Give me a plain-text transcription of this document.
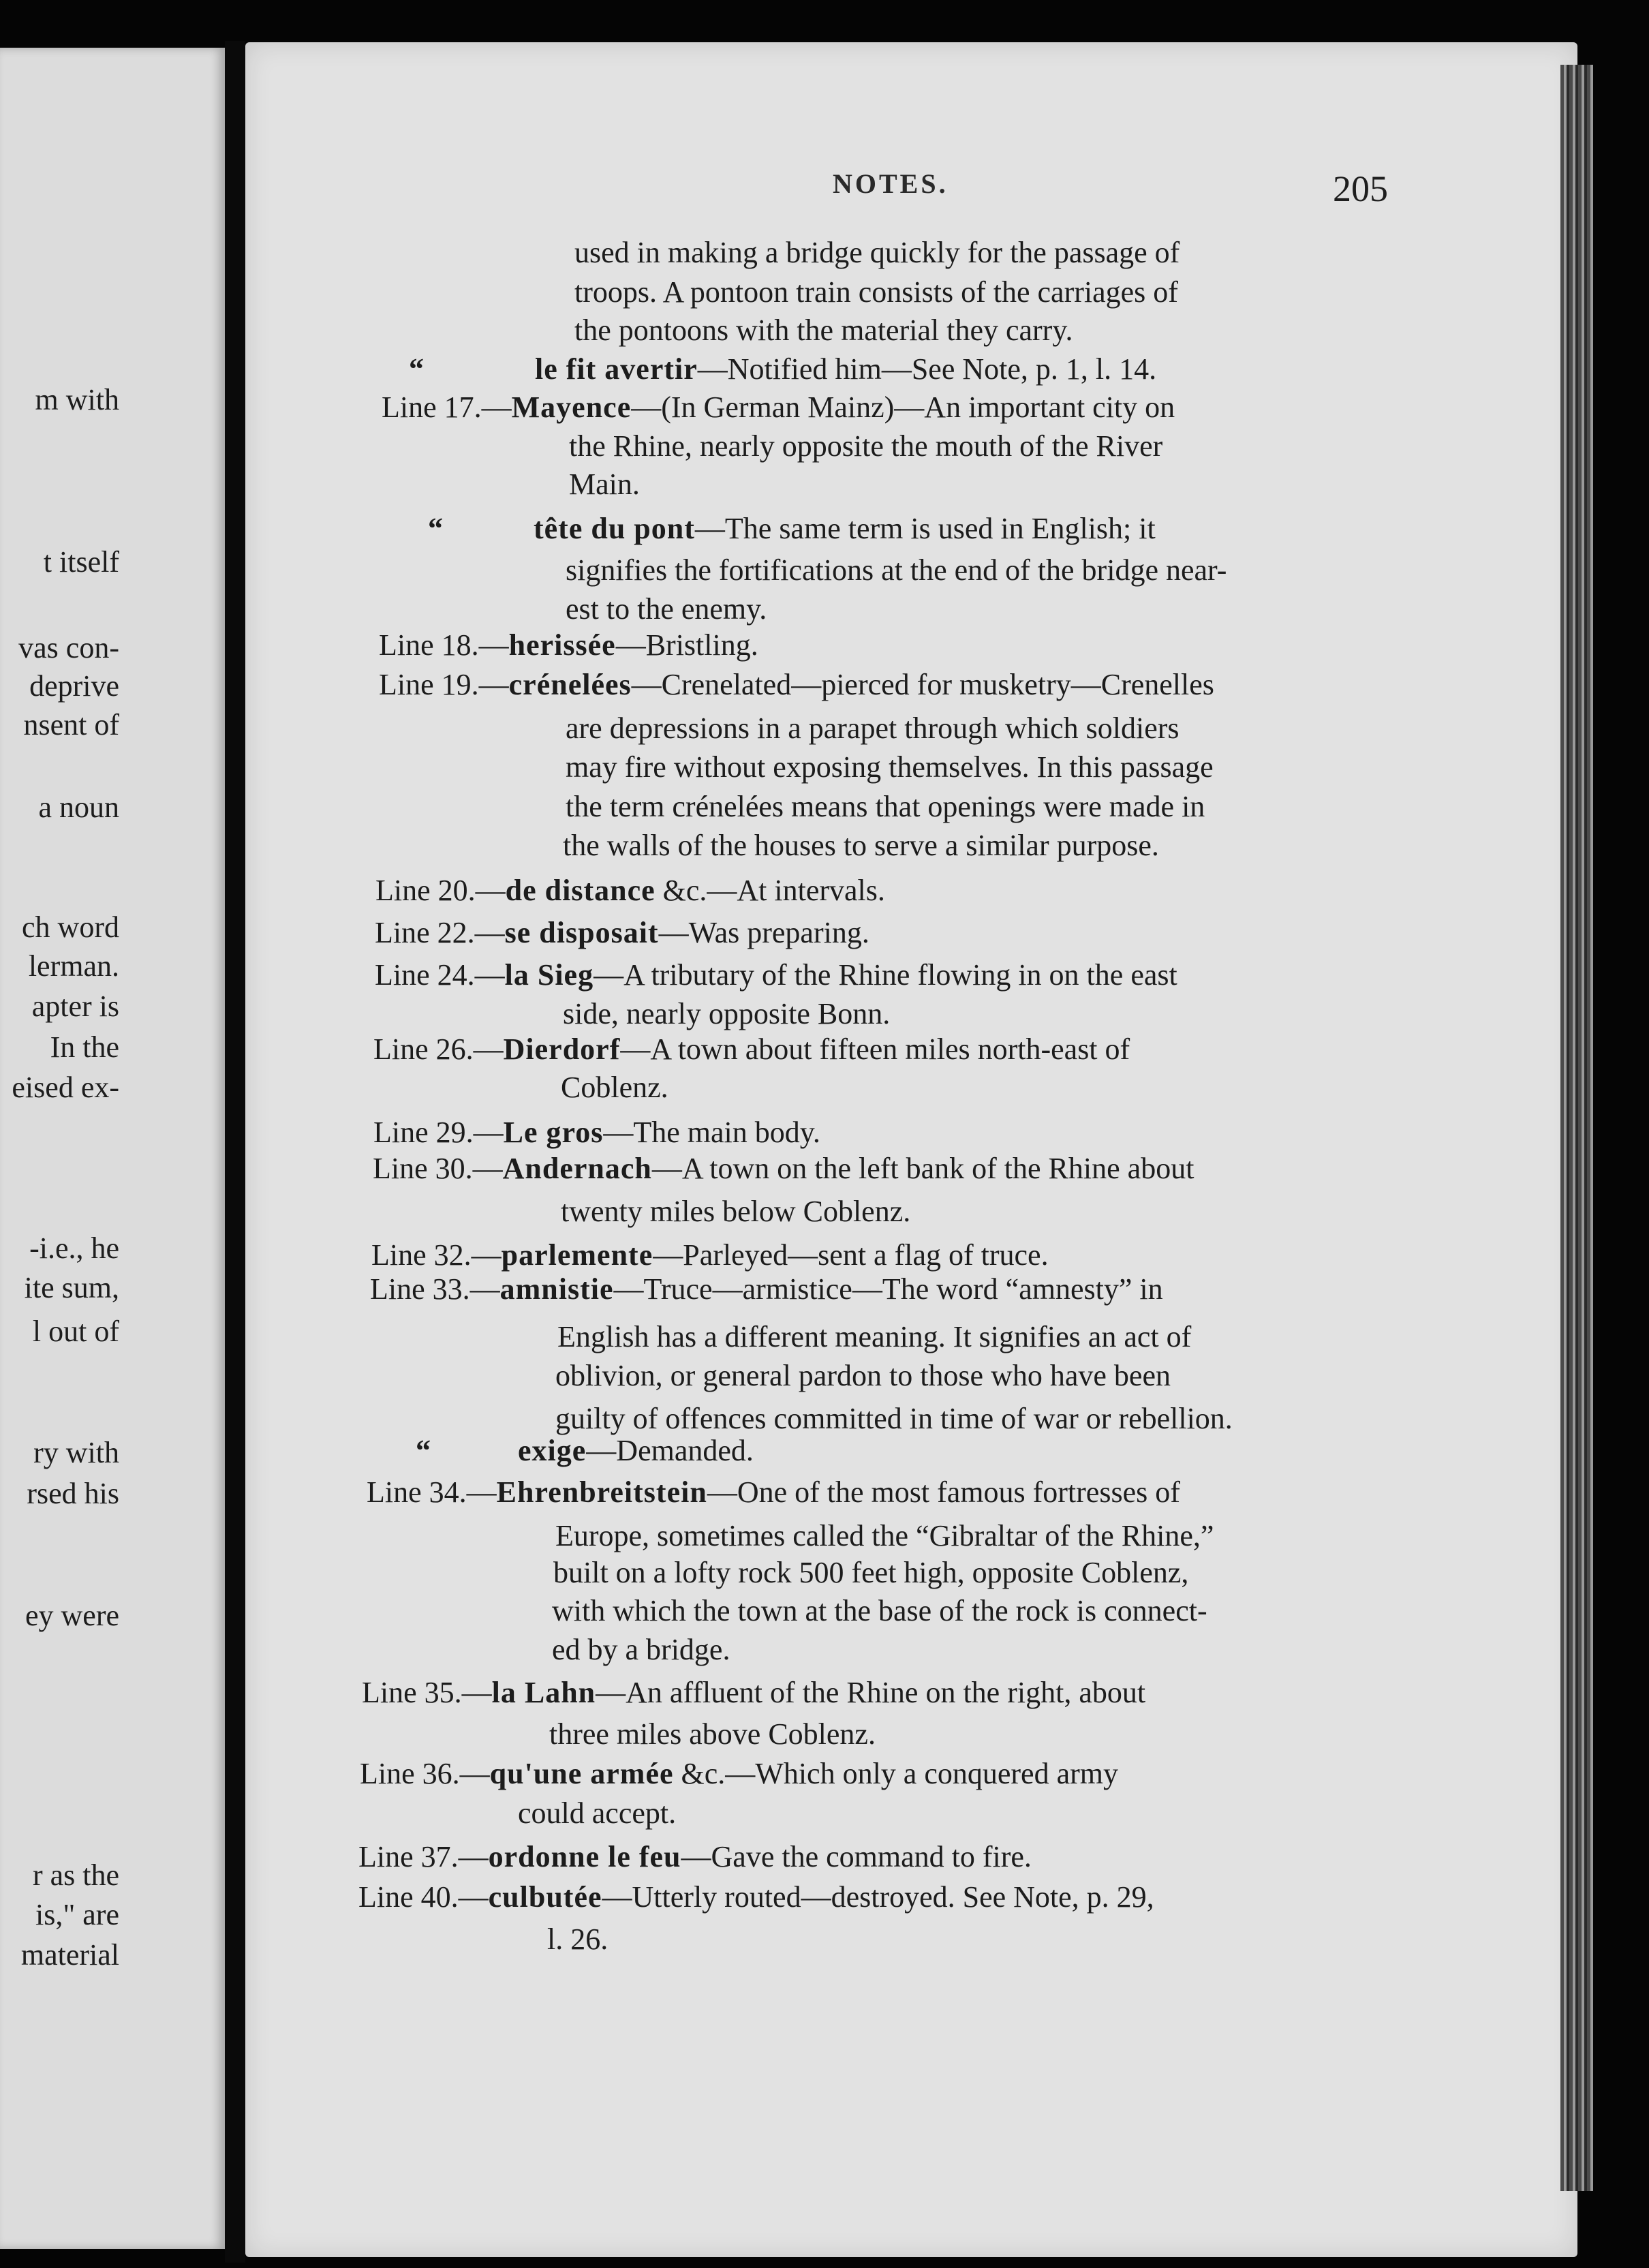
m with
t itself
vas con-
deprive
nsent of
a noun
ch word
lerman.
apter is
In the
eised ex-
-i.e., he
ite sum,
l out of
ry with
rsed his
ey were
r as the
is," are
material
NOTES.	205
used in making a bridge quickly for the passage of
troops. A pontoon train consists of the carriages of
the pontoons with the material they carry.
“	le fit avertir—Notified him—See Note, p. 1, l. 14.
Line 17.—Mayence—(In German Mainz)—An important city on
the Rhine, nearly opposite the mouth of the River
Main.
“	tête du pont—The same term is used in English; it
signifies the fortifications at the end of the bridge near-
est to the enemy.
Line 18.—herissée—Bristling.
Line 19.—crénelées—Crenelated—pierced for musketry—Crenelles
are depressions in a parapet through which soldiers
may fire without exposing themselves. In this passage
the term crénelées means that openings were made in
the walls of the houses to serve a similar purpose.
Line 20.—de distance &c.—At intervals.
Line 22.—se disposait—Was preparing.
Line 24.—la Sieg—A tributary of the Rhine flowing in on the east
side, nearly opposite Bonn.
Line 26.—Dierdorf—A town about fifteen miles north-east of
Coblenz.
Line 29.—Le gros—The main body.
Line 30.—Andernach—A town on the left bank of the Rhine about
twenty miles below Coblenz.
Line 32.—parlemente—Parleyed—sent a flag of truce.
Line 33.—amnistie—Truce—armistice—The word “amnesty” in
English has a different meaning. It signifies an act of
oblivion, or general pardon to those who have been
guilty of offences committed in time of war or rebellion.
“	exige—Demanded.
Line 34.—Ehrenbreitstein—One of the most famous fortresses of
Europe, sometimes called the “Gibraltar of the Rhine,”
built on a lofty rock 500 feet high, opposite Coblenz,
with which the town at the base of the rock is connect-
ed by a bridge.
Line 35.—la Lahn—An affluent of the Rhine on the right, about
three miles above Coblenz.
Line 36.—qu'une armée &c.—Which only a conquered army
could accept.
Line 37.—ordonne le feu—Gave the command to fire.
Line 40.—culbutée—Utterly routed—destroyed. See Note, p. 29,
l. 26.
